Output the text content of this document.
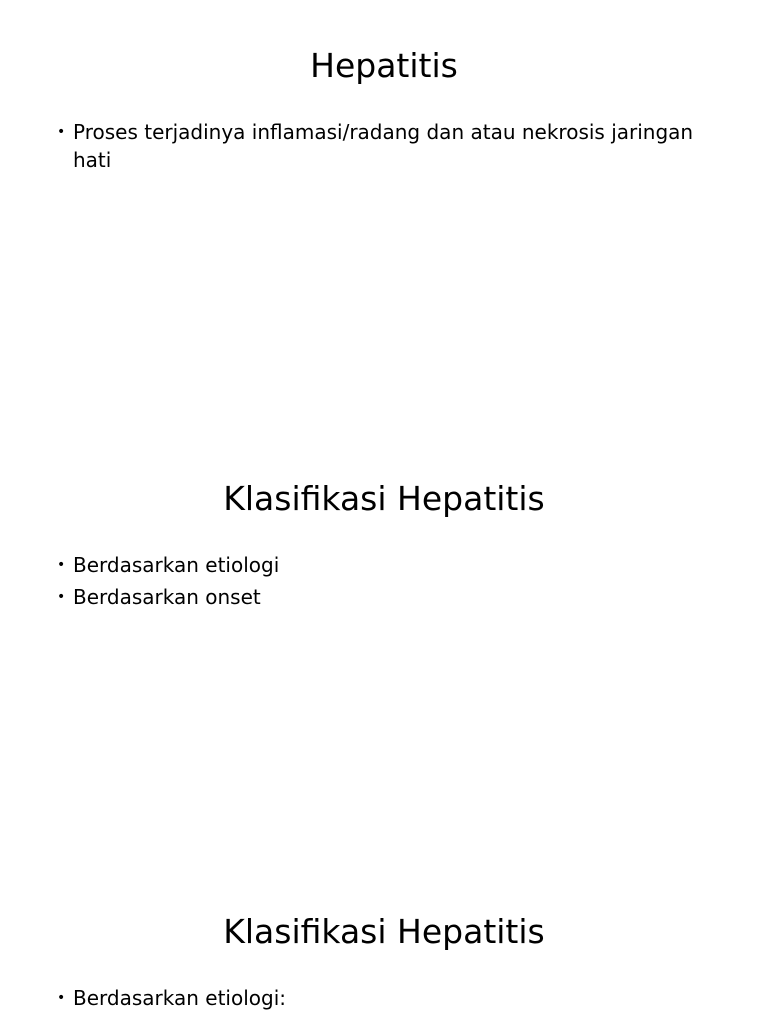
Hepatitis
• Proses terjadinya inflamasi/radang dan atau nekrosis jaringan hati
Klasifikasi Hepatitis
• Berdasarkan etiologi
• Berdasarkan onset
Klasifikasi Hepatitis
• Berdasarkan etiologi:
